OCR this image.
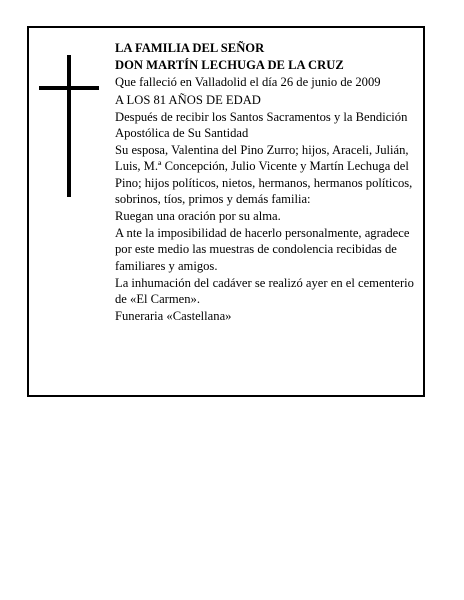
LA FAMILIA DEL SEÑOR

DON MARTÍN LECHUGA DE LA CRUZ

Que falleció en Valladolid el día 26 de junio de 2009

A LOS 81 AÑOS DE EDAD

Después de recibir los Santos Sacramentos y la Bendición Apostólica de Su Santidad

Su esposa, Valentina del Pino Zurro; hijos, Araceli, Julián, Luis, M.ª Concepción, Julio Vicente y Martín Lechuga del Pino; hijos políticos, nietos, hermanos, hermanos políticos, sobrinos, tíos, primos y demás familia:

Ruegan una oración por su alma.

A nte la imposibilidad de hacerlo personalmente, agradece por este medio las muestras de condolencia recibidas de familiares y amigos.

La inhumación del cadáver se realizó ayer en el cementerio de «El Carmen».

Funeraria «Castellana»
